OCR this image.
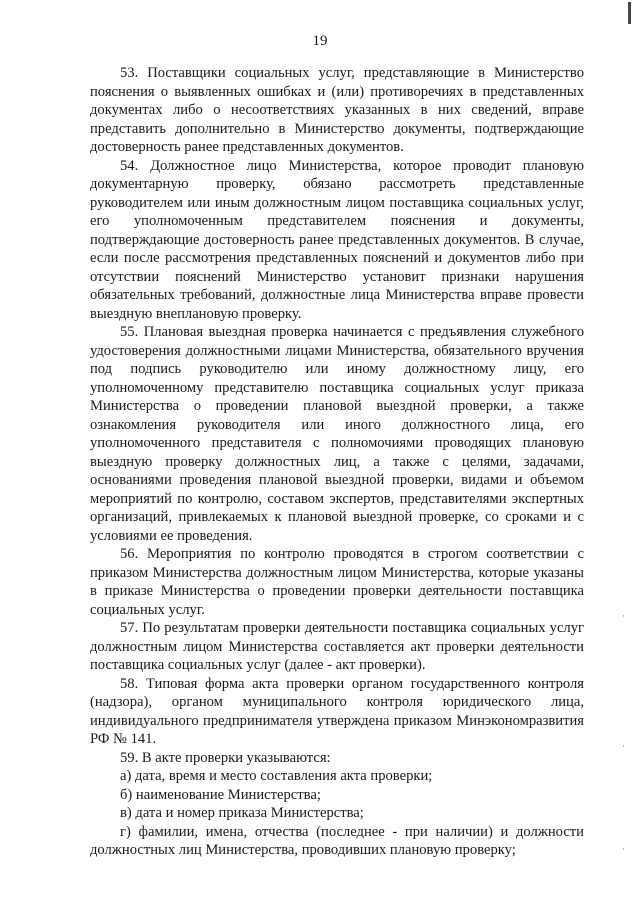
19

53. Поставщики социальных услуг, представляющие в Министерство пояснения о выявленных ошибках и (или) противоречиях в представленных документах либо о несоответствиях указанных в них сведений, вправе представить дополнительно в Министерство документы, подтверждающие достоверность ранее представленных документов.

54. Должностное лицо Министерства, которое проводит плановую документарную проверку, обязано рассмотреть представленные руководителем или иным должностным лицом поставщика социальных услуг, его уполномоченным представителем пояснения и документы, подтверждающие достоверность ранее представленных документов. В случае, если после рассмотрения представленных пояснений и документов либо при отсутствии пояснений Министерство установит признаки нарушения обязательных требований, должностные лица Министерства вправе провести выездную внеплановую проверку.

55. Плановая выездная проверка начинается с предъявления служебного удостоверения должностными лицами Министерства, обязательного вручения под подпись руководителю или иному должностному лицу, его уполномоченному представителю поставщика социальных услуг приказа Министерства о проведении плановой выездной проверки, а также ознакомления руководителя или иного должностного лица, его уполномоченного представителя с полномочиями проводящих плановую выездную проверку должностных лиц, а также с целями, задачами, основаниями проведения плановой выездной проверки, видами и объемом мероприятий по контролю, составом экспертов, представителями экспертных организаций, привлекаемых к плановой выездной проверке, со сроками и с условиями ее проведения.

56. Мероприятия по контролю проводятся в строгом соответствии с приказом Министерства должностным лицом Министерства, которые указаны в приказе Министерства о проведении проверки деятельности поставщика социальных услуг.

57. По результатам проверки деятельности поставщика социальных услуг должностным лицом Министерства составляется акт проверки деятельности поставщика социальных услуг (далее - акт проверки).

58. Типовая форма акта проверки органом государственного контроля (надзора), органом муниципального контроля юридического лица, индивидуального предпринимателя утверждена приказом Минэкономразвития РФ № 141.

59. В акте проверки указываются:

а) дата, время и место составления акта проверки;

б) наименование Министерства;

в) дата и номер приказа Министерства;

г) фамилии, имена, отчества (последнее - при наличии) и должности должностных лиц Министерства, проводивших плановую проверку;

·
·
·
